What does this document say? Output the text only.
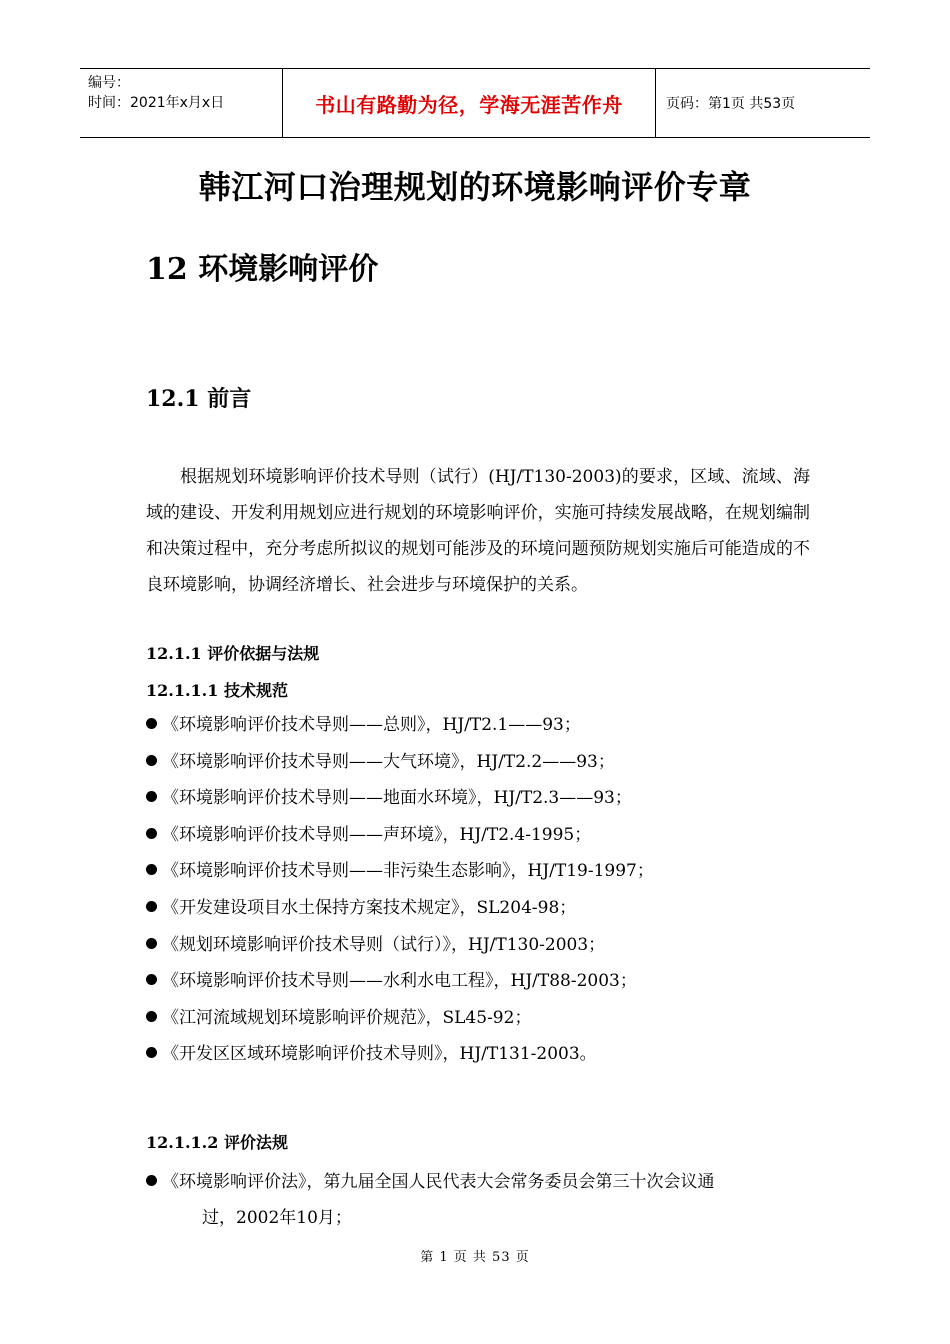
编号：
时间：2021年x月x日	书山有路勤为径，学海无涯苦作舟	页码：第1页 共53页
韩江河口治理规划的环境影响评价专章
12 环境影响评价
12.1 前言
根据规划环境影响评价技术导则（试行）(HJ/T130-2003)的要求，区域、流域、海域的建设、开发利用规划应进行规划的环境影响评价，实施可持续发展战略，在规划编制和决策过程中，充分考虑所拟议的规划可能涉及的环境问题预防规划实施后可能造成的不良环境影响，协调经济增长、社会进步与环境保护的关系。
12.1.1 评价依据与法规
12.1.1.1 技术规范
《环境影响评价技术导则——总则》，HJ/T2.1——93；
《环境影响评价技术导则——大气环境》，HJ/T2.2——93；
《环境影响评价技术导则——地面水环境》，HJ/T2.3——93；
《环境影响评价技术导则——声环境》，HJ/T2.4-1995；
《环境影响评价技术导则——非污染生态影响》，HJ/T19-1997；
《开发建设项目水土保持方案技术规定》，SL204-98；
《规划环境影响评价技术导则（试行）》，HJ/T130-2003；
《环境影响评价技术导则——水利水电工程》，HJ/T88-2003；
《江河流域规划环境影响评价规范》，SL45-92；
《开发区区域环境影响评价技术导则》，HJ/T131-2003。
12.1.1.2 评价法规
《环境影响评价法》，第九届全国人民代表大会常务委员会第三十次会议通
过，2002年10月；
第 1 页 共 53 页
